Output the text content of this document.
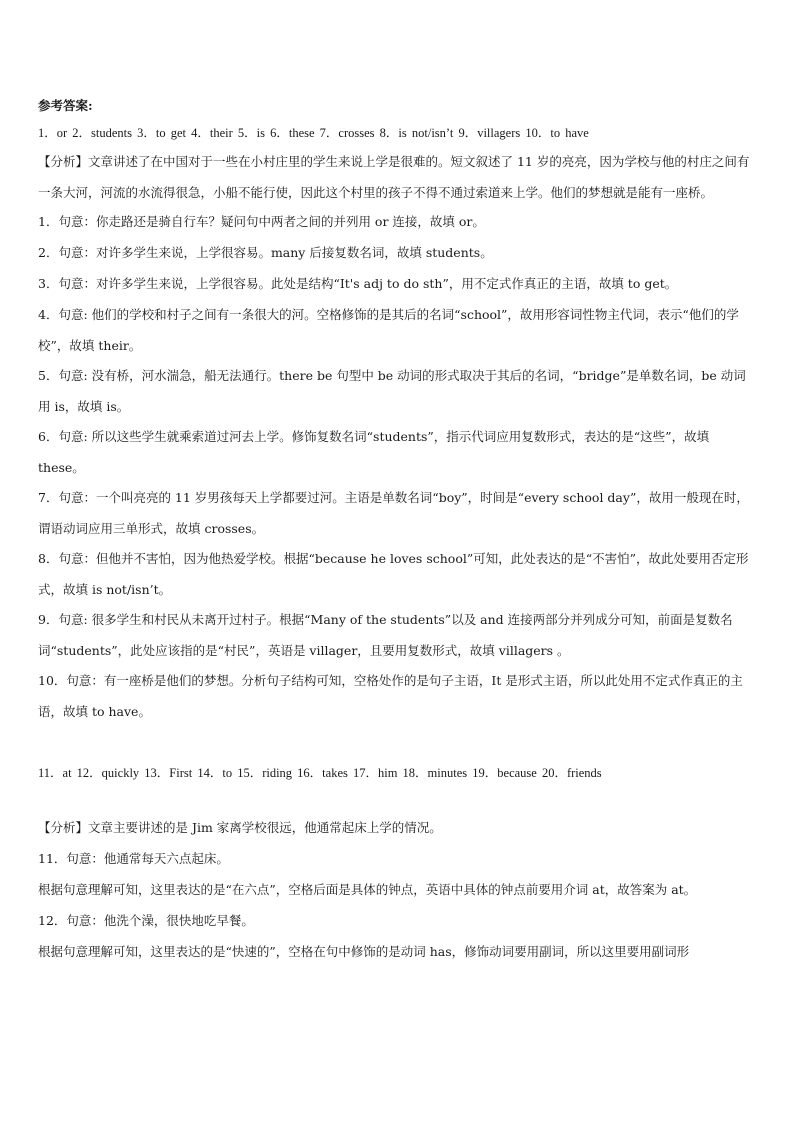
参考答案:
1．or 2．students 3．to get 4．their 5．is 6．these 7．crosses 8．is not/isn’t 9．villagers 10．to have
【分析】文章讲述了在中国对于一些在小村庄里的学生来说上学是很难的。短文叙述了 11 岁的亮亮，因为学校与他的村庄之间有一条大河，河流的水流得很急，小船不能行使，因此这个村里的孩子不得不通过索道来上学。他们的梦想就是能有一座桥。
1．句意：你走路还是骑自行车？疑问句中两者之间的并列用 or 连接，故填 or。
2．句意：对许多学生来说，上学很容易。many 后接复数名词，故填 students。
3．句意：对许多学生来说，上学很容易。此处是结构“It's adj to do sth”，用不定式作真正的主语，故填 to get。
4．句意: 他们的学校和村子之间有一条很大的河。空格修饰的是其后的名词“school”，故用形容词性物主代词，表示“他们的学校”，故填 their。
5．句意: 没有桥，河水湍急，船无法通行。there be 句型中 be 动词的形式取决于其后的名词，“bridge”是单数名词，be 动词用 is，故填 is。
6．句意: 所以这些学生就乘索道过河去上学。修饰复数名词“students”，指示代词应用复数形式，表达的是“这些”，故填 these。
7．句意：一个叫亮亮的 11 岁男孩每天上学都要过河。主语是单数名词“boy”，时间是“every school day”，故用一般现在时，谓语动词应用三单形式，故填 crosses。
8．句意：但他并不害怕，因为他热爱学校。根据“because he loves school”可知，此处表达的是“不害怕”，故此处要用否定形式，故填 is not/isn’t。
9．句意: 很多学生和村民从未离开过村子。根据“Many of the students”以及 and 连接两部分并列成分可知，前面是复数名词“students”，此处应该指的是“村民”，英语是 villager，且要用复数形式，故填 villagers 。
10．句意：有一座桥是他们的梦想。分析句子结构可知，空格处作的是句子主语，It 是形式主语，所以此处用不定式作真正的主语，故填 to have。
11．at 12．quickly 13．First 14．to 15．riding 16．takes 17．him 18．minutes 19．because 20．friends
【分析】文章主要讲述的是 Jim 家离学校很远，他通常起床上学的情况。
11．句意：他通常每天六点起床。
根据句意理解可知，这里表达的是“在六点”，空格后面是具体的钟点，英语中具体的钟点前要用介词 at，故答案为 at。
12．句意：他洗个澡，很快地吃早餐。
根据句意理解可知，这里表达的是“快速的”，空格在句中修饰的是动词 has，修饰动词要用副词，所以这里要用副词形
